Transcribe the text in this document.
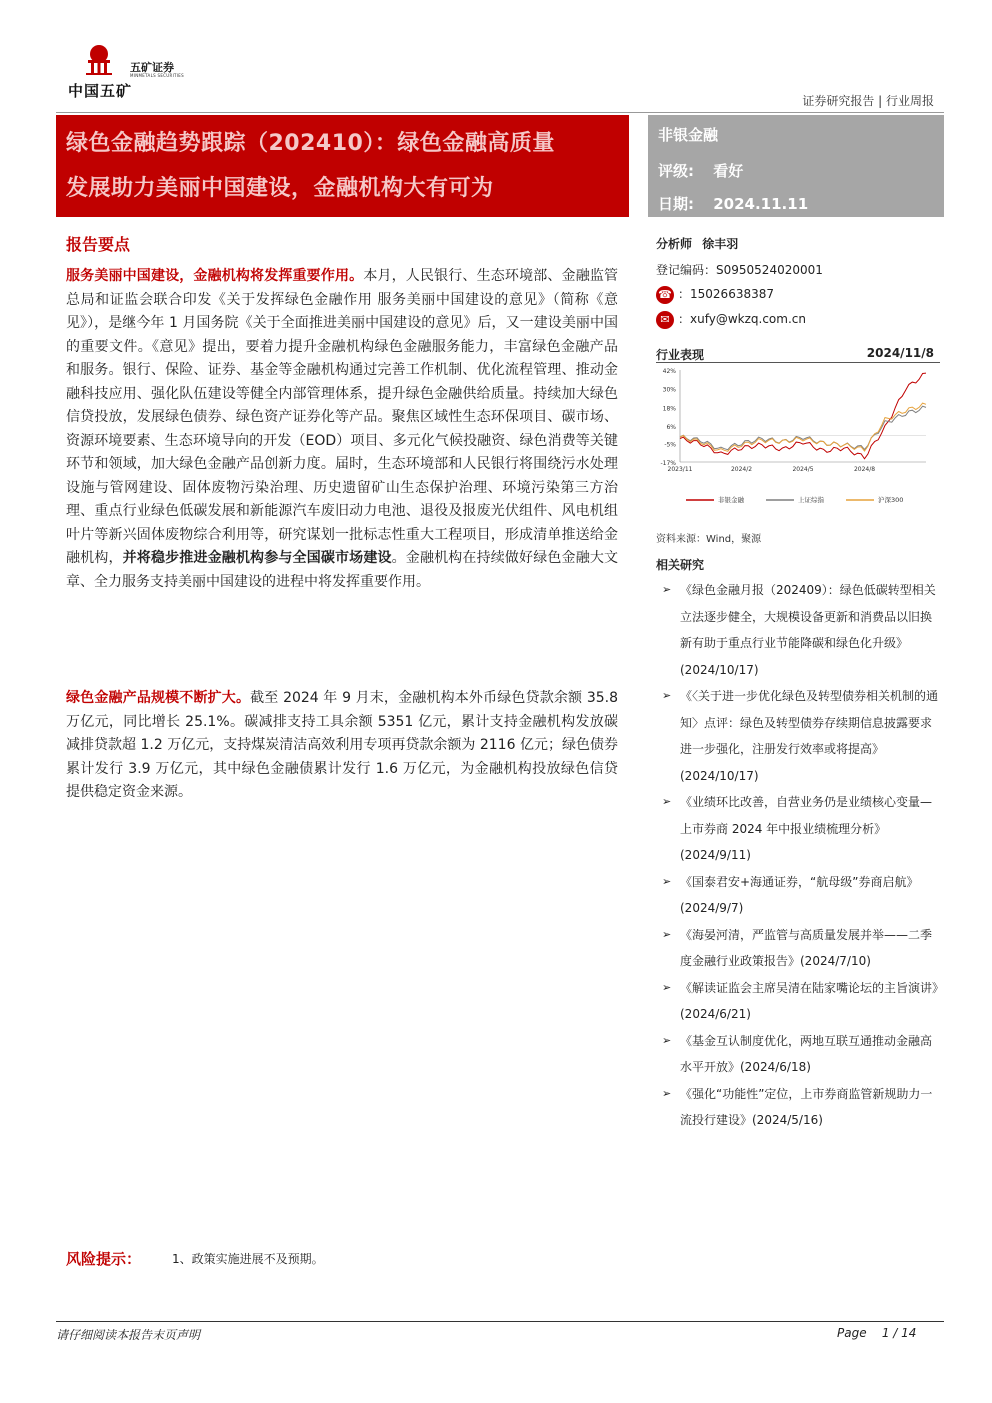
中国五矿
五矿证券
MINMETALS SECURITIES
证券研究报告 | 行业周报
绿色金融趋势跟踪（202410）：绿色金融高质量
发展助力美丽中国建设，金融机构大有可为
非银金融
评级: 看好
日期: 2024.11.11
报告要点
服务美丽中国建设，金融机构将发挥重要作用。本月，人民银行、生态环境部、金融监管总局和证监会联合印发《关于发挥绿色金融作用 服务美丽中国建设的意见》（简称《意见》），是继今年 1 月国务院《关于全面推进美丽中国建设的意见》后，又一建设美丽中国的重要文件。《意见》提出，要着力提升金融机构绿色金融服务能力，丰富绿色金融产品和服务。银行、保险、证券、基金等金融机构通过完善工作机制、优化流程管理、推动金融科技应用、强化队伍建设等健全内部管理体系，提升绿色金融供给质量。持续加大绿色信贷投放，发展绿色债券、绿色资产证券化等产品。聚焦区域性生态环保项目、碳市场、资源环境要素、生态环境导向的开发（EOD）项目、多元化气候投融资、绿色消费等关键环节和领域，加大绿色金融产品创新力度。届时，生态环境部和人民银行将围绕污水处理设施与管网建设、固体废物污染治理、历史遗留矿山生态保护治理、环境污染第三方治理、重点行业绿色低碳发展和新能源汽车废旧动力电池、退役及报废光伏组件、风电机组叶片等新兴固体废物综合利用等，研究谋划一批标志性重大工程项目，形成清单推送给金融机构，并将稳步推进金融机构参与全国碳市场建设。金融机构在持续做好绿色金融大文章、全力服务支持美丽中国建设的进程中将发挥重要作用。
绿色金融产品规模不断扩大。截至 2024 年 9 月末，金融机构本外币绿色贷款余额 35.8 万亿元，同比增长 25.1%。碳减排支持工具余额 5351 亿元，累计支持金融机构发放碳减排贷款超 1.2 万亿元，支持煤炭清洁高效利用专项再贷款余额为 2116 亿元；绿色债券累计发行 3.9 万亿元，其中绿色金融债累计发行 1.6 万亿元，为金融机构投放绿色信贷提供稳定资金来源。
分析师 徐丰羽
登记编码：S0950524020001
☎ ：15026638387
✉ ：xufy@wkzq.com.cn
行业表现	2024/11/8
42%
30%
18%
6%
-5%
-17%
2023/11	2024/2	2024/5	2024/8
非银金融	上证综指	沪深300
资料来源：Wind，聚源
相关研究
➢ 《绿色金融月报（202409）：绿色低碳转型相关立法逐步健全，大规模设备更新和消费品以旧换新有助于重点行业节能降碳和绿色化升级》(2024/10/17)
➢ 《〈关于进一步优化绿色及转型债券相关机制的通知〉点评：绿色及转型债券存续期信息披露要求进一步强化，注册发行效率或将提高》(2024/10/17)
➢ 《业绩环比改善，自营业务仍是业绩核心变量—上市券商 2024 年中报业绩梳理分析》(2024/9/11)
➢ 《国泰君安+海通证券，“航母级”券商启航》(2024/9/7)
➢ 《海晏河清，严监管与高质量发展并举——二季度金融行业政策报告》(2024/7/10)
➢ 《解读证监会主席吴清在陆家嘴论坛的主旨演讲》(2024/6/21)
➢ 《基金互认制度优化，两地互联互通推动金融高水平开放》(2024/6/18)
➢ 《强化“功能性”定位，上市券商监管新规助力一流投行建设》(2024/5/16)
风险提示：	1、政策实施进展不及预期。
请仔细阅读本报告末页声明	Page    1 / 14
